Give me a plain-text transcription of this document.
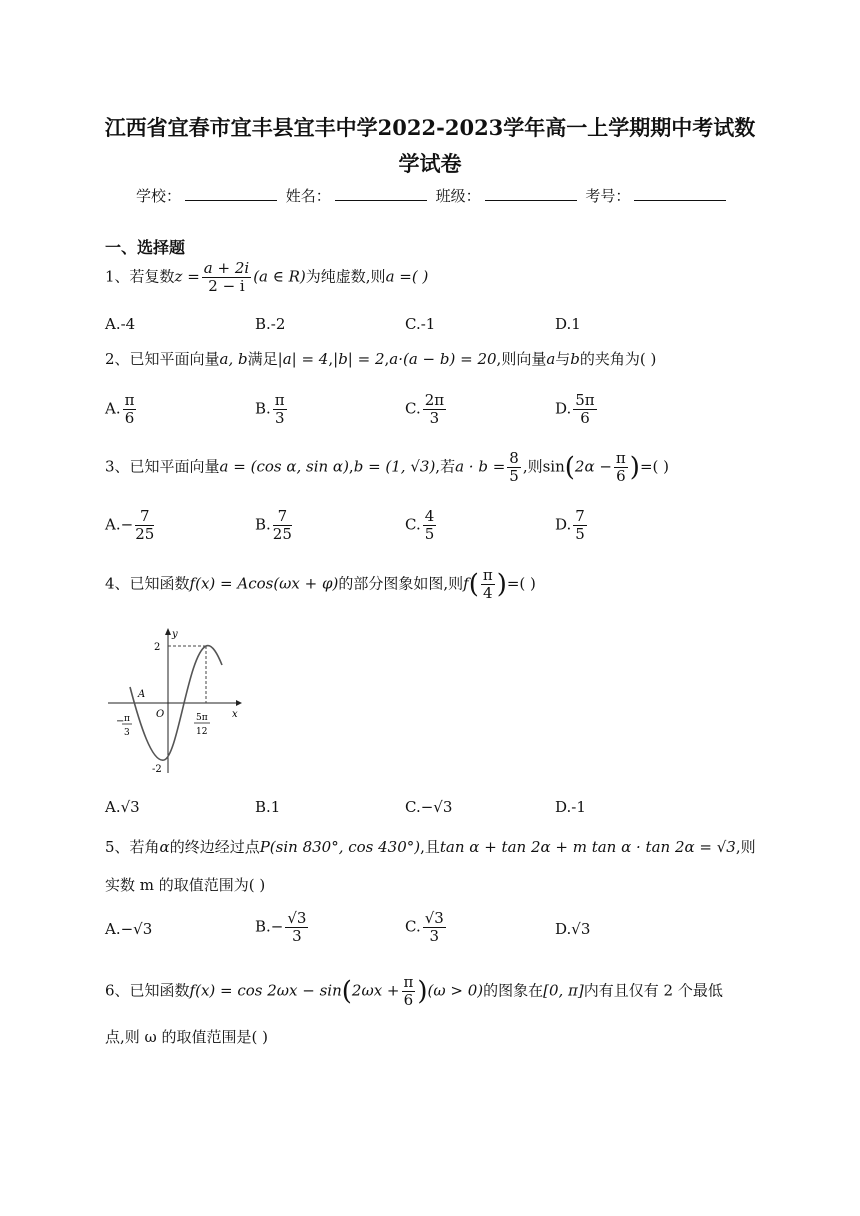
江西省宜春市宜丰县宜丰中学2022-2023学年高一上学期期中考试数
学试卷
学校：	姓名：	班级：	考号：
一、选择题
1、若复数$z = \frac{a + 2i}{2 - i} (a$ ∈ R)为纯虚数,则a =( )
A.-4	B.-2	C.-1	D.1
2、已知平面向量a, b满足|a| = 4,|b| = 2,a·(a − b) = 20,则向量a与b的夹角为( )
A. $\frac{\pi}{6}$	B. $\frac{\pi}{3}$	C. $\frac{2\pi}{3}$	D. $\frac{5\pi}{6}$
3、已知平面向量a = (cos α, sin α),b = (1, √3),若$a \cdot b = \frac{8}{5}$ ,则$\sin(2\alpha - \frac{\pi}{6}$ )=( )
$A.- \frac{7}{25}$	B. $\frac{7}{25}$	C. $\frac{4}{5}$	D. $\frac{7}{5}$
4、已知函数f(x) = Acos(ωx + φ)的部分图象如图,则$f( \frac{\pi}{4}$ )=( )
y
x
O
A
2
-2
− π
3
5π
12
A.√3	B.1	C.−√3	D.-1
5、若角α的终边经过点P(sin 830°, cos 430°),且tan α + tan 2α + m tan α · tan 2α = √3,则
实数 m 的取值范围为( )
A.−√3	$B.- \frac{√3}{3}$	C. $\frac{√3}{3}$	D.√3
6、已知函数$f(x) = \cos 2\omega x - \sin(2\omega x + \frac{\pi}{6} )(\omega > 0)$的图象在[0, π]内有且仅有 2 个最低
点,则 ω 的取值范围是( )
